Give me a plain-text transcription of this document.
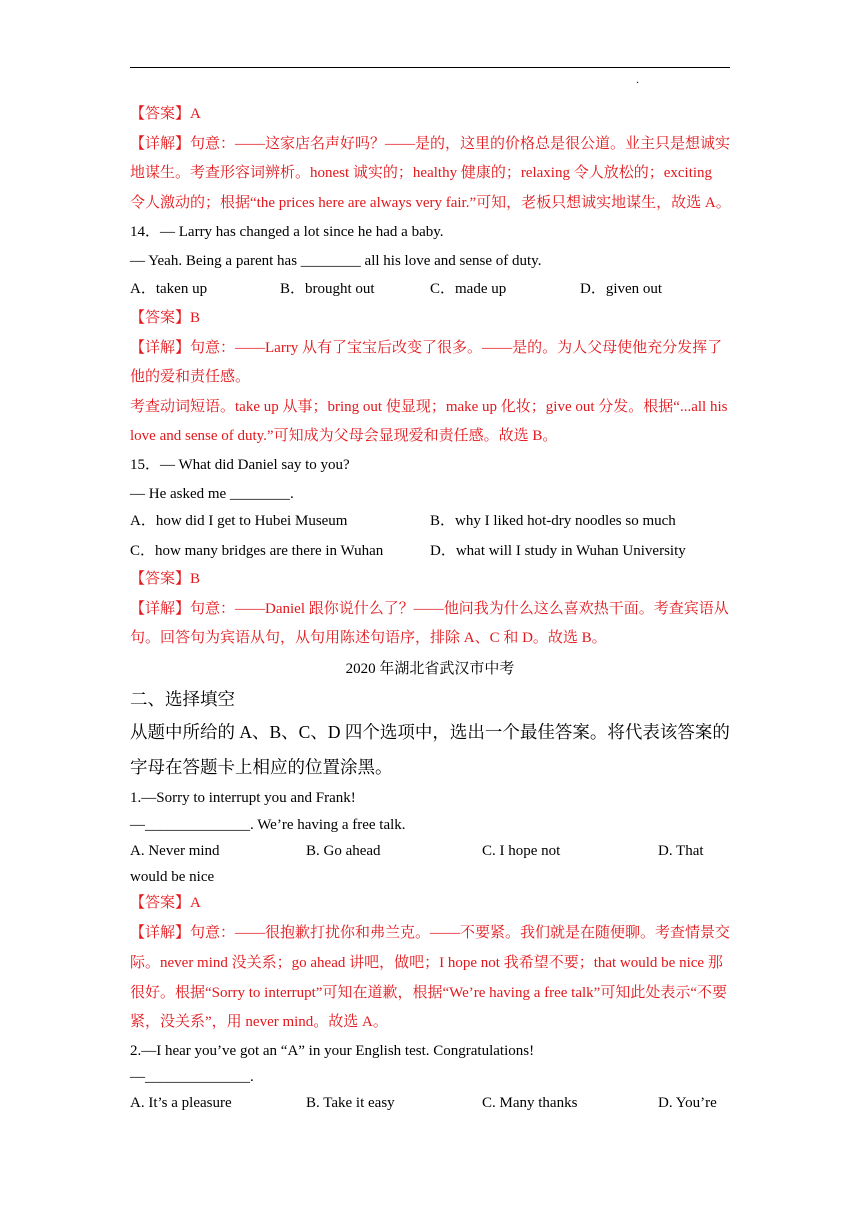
.
【答案】A
【详解】句意：——这家店名声好吗？——是的，这里的价格总是很公道。业主只是想诚实
地谋生。考查形容词辨析。honest 诚实的；healthy 健康的；relaxing 令人放松的；exciting
令人激动的；根据“the prices here are always very fair.”可知，老板只想诚实地谋生，故选 A。
14．— Larry has changed a lot since he had a baby.
— Yeah. Being a parent has ________ all his love and sense of duty.
A．taken up	B．brought out	C．made up	D．given out
【答案】B
【详解】句意：——Larry 从有了宝宝后改变了很多。——是的。为人父母使他充分发挥了
他的爱和责任感。
考查动词短语。take up 从事；bring out 使显现；make up 化妆；give out 分发。根据“...all his
love and sense of duty.”可知成为父母会显现爱和责任感。故选 B。
15．— What did Daniel say to you?
— He asked me ________.
A．how did I get to Hubei Museum	B．why I liked hot-dry noodles so much
C．how many bridges are there in Wuhan	D．what will I study in Wuhan University
【答案】B
【详解】句意：——Daniel 跟你说什么了？——他问我为什么这么喜欢热干面。考查宾语从
句。回答句为宾语从句，从句用陈述句语序，排除 A、C 和 D。故选 B。
2020 年湖北省武汉市中考
二、选择填空
从题中所给的 A、B、C、D 四个选项中，选出一个最佳答案。将代表该答案的
字母在答题卡上相应的位置涂黑。
1.—Sorry to interrupt you and Frank!
—______________. We’re having a free talk.
A. Never mind	B. Go ahead	C. I hope not	D. That
would be nice
【答案】A
【详解】句意：——很抱歉打扰你和弗兰克。——不要紧。我们就是在随便聊。考查情景交
际。never mind 没关系；go ahead 讲吧，做吧；I hope not 我希望不要；that would be nice 那
很好。根据“Sorry to interrupt”可知在道歉，根据“We’re having a free talk”可知此处表示“不要
紧，没关系”，用 never mind。故选 A。
2.—I hear you’ve got an “A” in your English test. Congratulations!
—______________.
A. It’s a pleasure	B. Take it easy	C. Many thanks	D. You’re
